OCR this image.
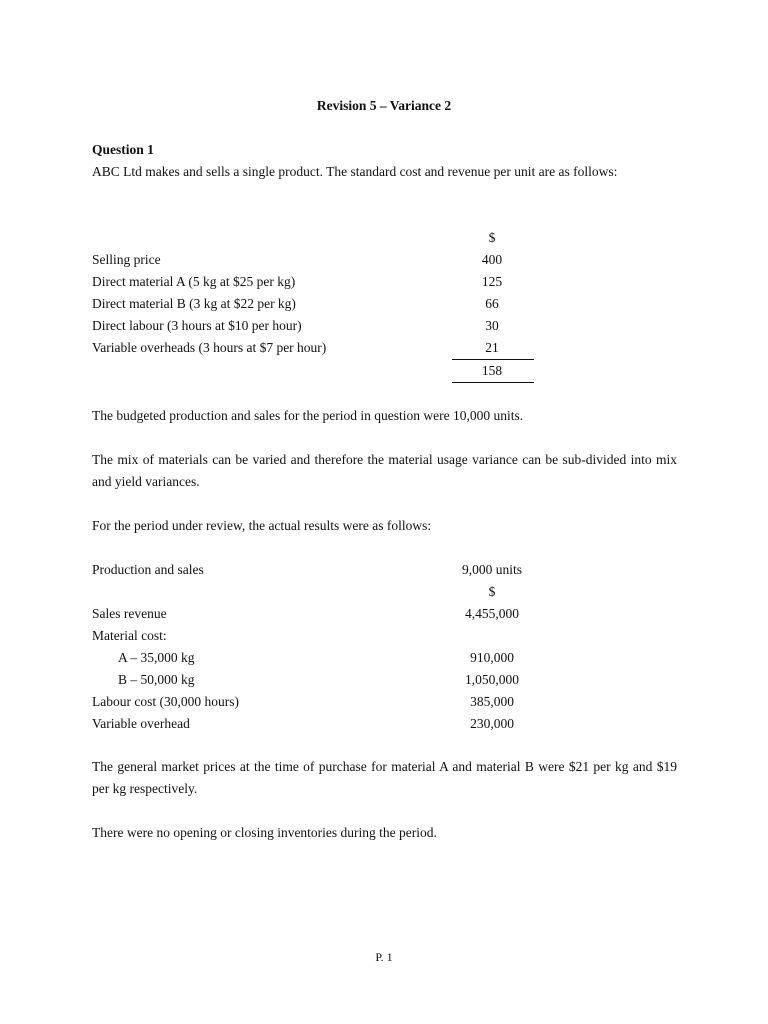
Revision 5 – Variance 2
Question 1
ABC Ltd makes and sells a single product. The standard cost and revenue per unit are as follows:
$
Selling price	400
Direct material A (5 kg at $25 per kg)	125
Direct material B (3 kg at $22 per kg)	66
Direct labour (3 hours at $10 per hour)	30
Variable overheads (3 hours at $7 per hour)	21
158
The budgeted production and sales for the period in question were 10,000 units.
The mix of materials can be varied and therefore the material usage variance can be sub-divided into mix and yield variances.
For the period under review, the actual results were as follows:
Production and sales	9,000 units
$
Sales revenue	4,455,000
Material cost:
A – 35,000 kg	910,000
B – 50,000 kg	1,050,000
Labour cost (30,000 hours)	385,000
Variable overhead	230,000
The general market prices at the time of purchase for material A and material B were $21 per kg and $19 per kg respectively.
There were no opening or closing inventories during the period.
P. 1
